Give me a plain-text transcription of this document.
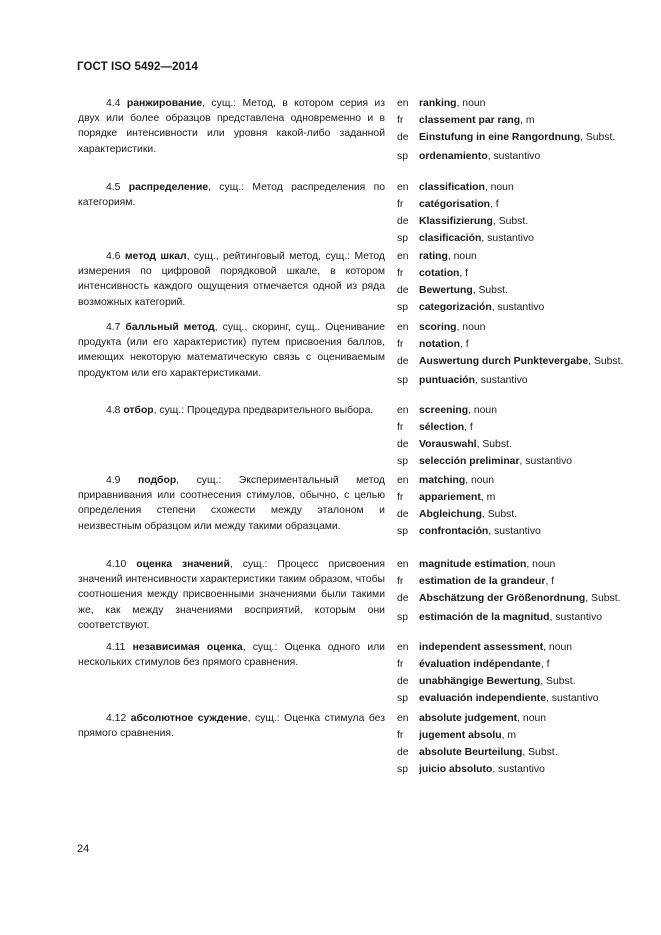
ГОСТ ISO 5492—2014
4.4 ранжирование, сущ.: Метод, в котором серия из двух или более образцов представлена одновременно и в порядке интенсивности или уровня какой-либо заданной характеристики.
en	ranking, noun
fr	classement par rang, m
de	Einstufung in eine Rangordnung, Subst.
sp	ordenamiento, sustantivo
4.5 распределение, сущ.: Метод распределения по категориям.
en	classification, noun
fr	catégorisation, f
de	Klassifizierung, Subst.
sp	clasificación, sustantivo
4.6 метод шкал, сущ., рейтинговый метод, сущ.: Метод измерения по цифровой порядковой шкале, в котором интенсивность каждого ощущения отмечается одной из ряда возможных категорий.
en	rating, noun
fr	cotation, f
de	Bewertung, Subst.
sp	categorización, sustantivo
4.7 балльный метод, сущ., скоринг, сущ.. Оценивание продукта (или его характеристик) путем присвоения баллов, имеющих некоторую математическую связь с оцениваемым продуктом или его характеристиками.
en	scoring, noun
fr	notation, f
de	Auswertung durch Punktevergabe, Subst.
sp	puntuación, sustantivo
4.8 отбор, сущ.: Процедура предварительного выбора.	en	screening, noun
fr	sélection, f
de	Vorauswahl, Subst.
sp	selección preliminar, sustantivo
4.9 подбор, сущ.: Экспериментальный метод приравнивания или соотнесения стимулов, обычно, с целью определения степени схожести между эталоном и неизвестным образцом или между такими образцами.
en	matching, noun
fr	appariement, m
de	Abgleichung, Subst.
sp	confrontación, sustantivo
4.10 оценка значений, сущ.: Процесс присвоения значений интенсивности характеристики таким образом, чтобы соотношения между присвоенными значениями были такими же, как между значениями восприятий, которым они соответствуют.
en	magnitude estimation, noun
fr	estimation de la grandeur, f
de	Abschätzung der Größenordnung, Subst.
sp	estimación de la magnitud, sustantivo
4.11 независимая оценка, сущ.: Оценка одного или нескольких стимулов без прямого сравнения.
en	independent assessment, noun
fr	évaluation indépendante, f
de	unabhängige Bewertung, Subst.
sp	evaluación independiente, sustantivo
4.12 абсолютное суждение, сущ.: Оценка стимула без прямого сравнения.
en	absolute judgement, noun
fr	jugement absolu, m
de	absolute Beurteilung, Subst.
sp	juicio absoluto, sustantivo
24
